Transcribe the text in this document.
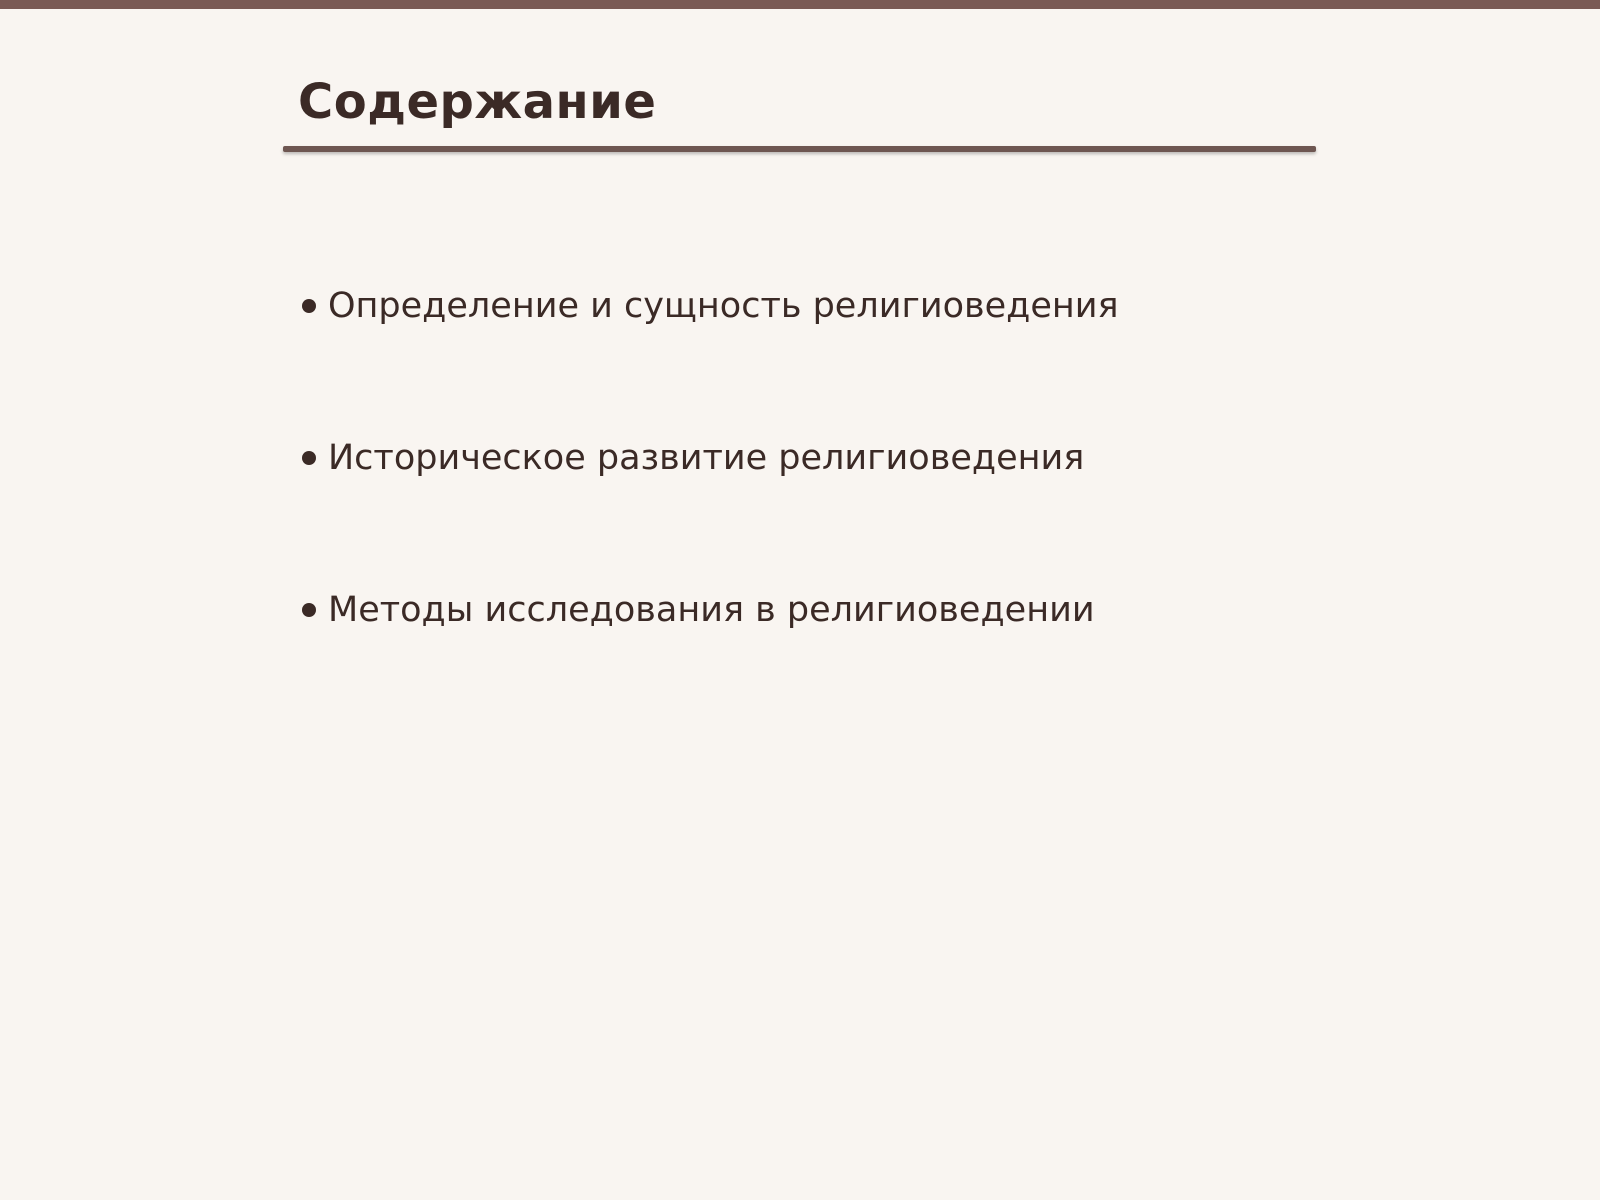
Содержание
Определение и сущность религиоведения
Историческое развитие религиоведения
Методы исследования в религиоведении
